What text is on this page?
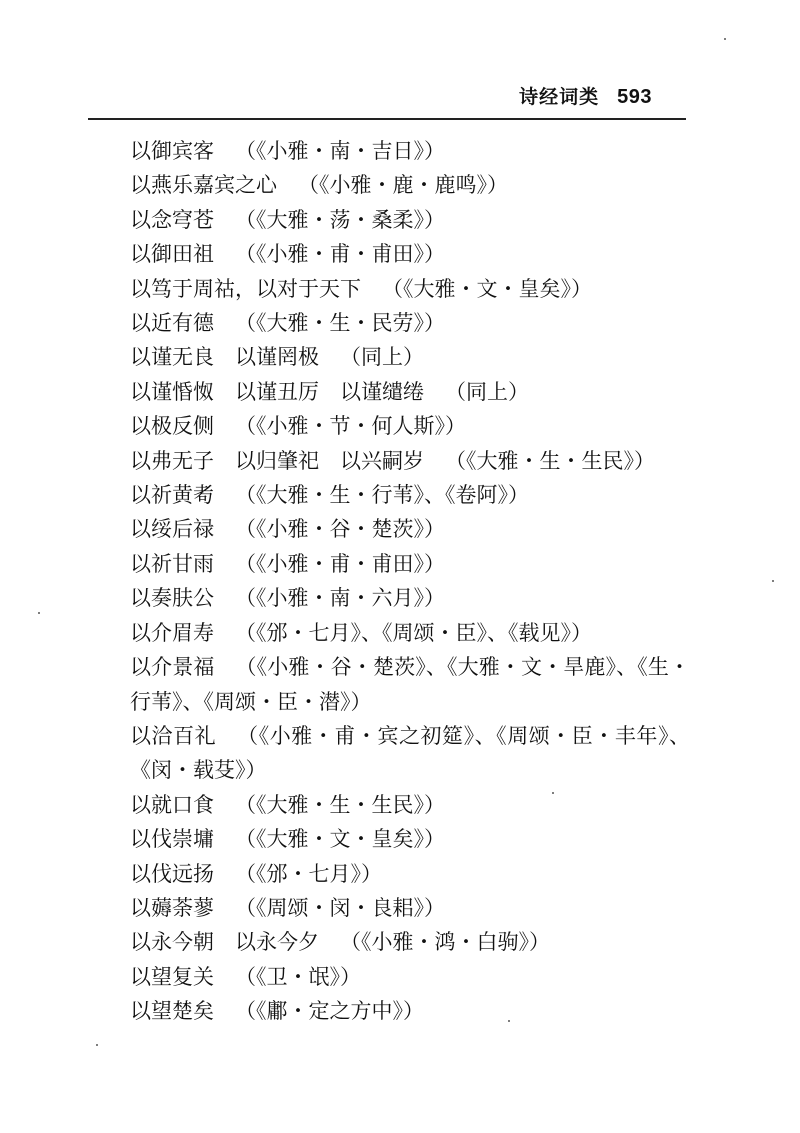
诗经词类 593
以御宾客 （《小雅・南・吉日》）
以燕乐嘉宾之心 （《小雅・鹿・鹿鸣》）
以念穹苍 （《大雅・荡・桑柔》）
以御田祖 （《小雅・甫・甫田》）
以笃于周祜，以对于天下 （《大雅・文・皇矣》）
以近有德 （《大雅・生・民劳》）
以谨无良　以谨罔极 （同上）
以谨惛怓　以谨丑厉　以谨缱绻 （同上）
以极反侧 （《小雅・节・何人斯》）
以弗无子　以归肇祀　以兴嗣岁 （《大雅・生・生民》）
以祈黄耇 （《大雅・生・行苇》、《卷阿》）
以绥后禄 （《小雅・谷・楚茨》）
以祈甘雨 （《小雅・甫・甫田》）
以奏肤公 （《小雅・南・六月》）
以介眉寿 （《邠・七月》、《周颂・臣》、《载见》）
以介景福 （《小雅・谷・楚茨》、《大雅・文・旱鹿》、《生・行苇》、《周颂・臣・潜》）
以洽百礼 （《小雅・甫・宾之初筵》、《周颂・臣・丰年》、《闵・载芟》）
以就口食 （《大雅・生・生民》）
以伐崇墉 （《大雅・文・皇矣》）
以伐远扬 （《邠・七月》）
以薅荼蓼 （《周颂・闵・良耜》）
以永今朝　以永今夕 （《小雅・鸿・白驹》）
以望复关 （《卫・氓》）
以望楚矣 （《鄘・定之方中》）
